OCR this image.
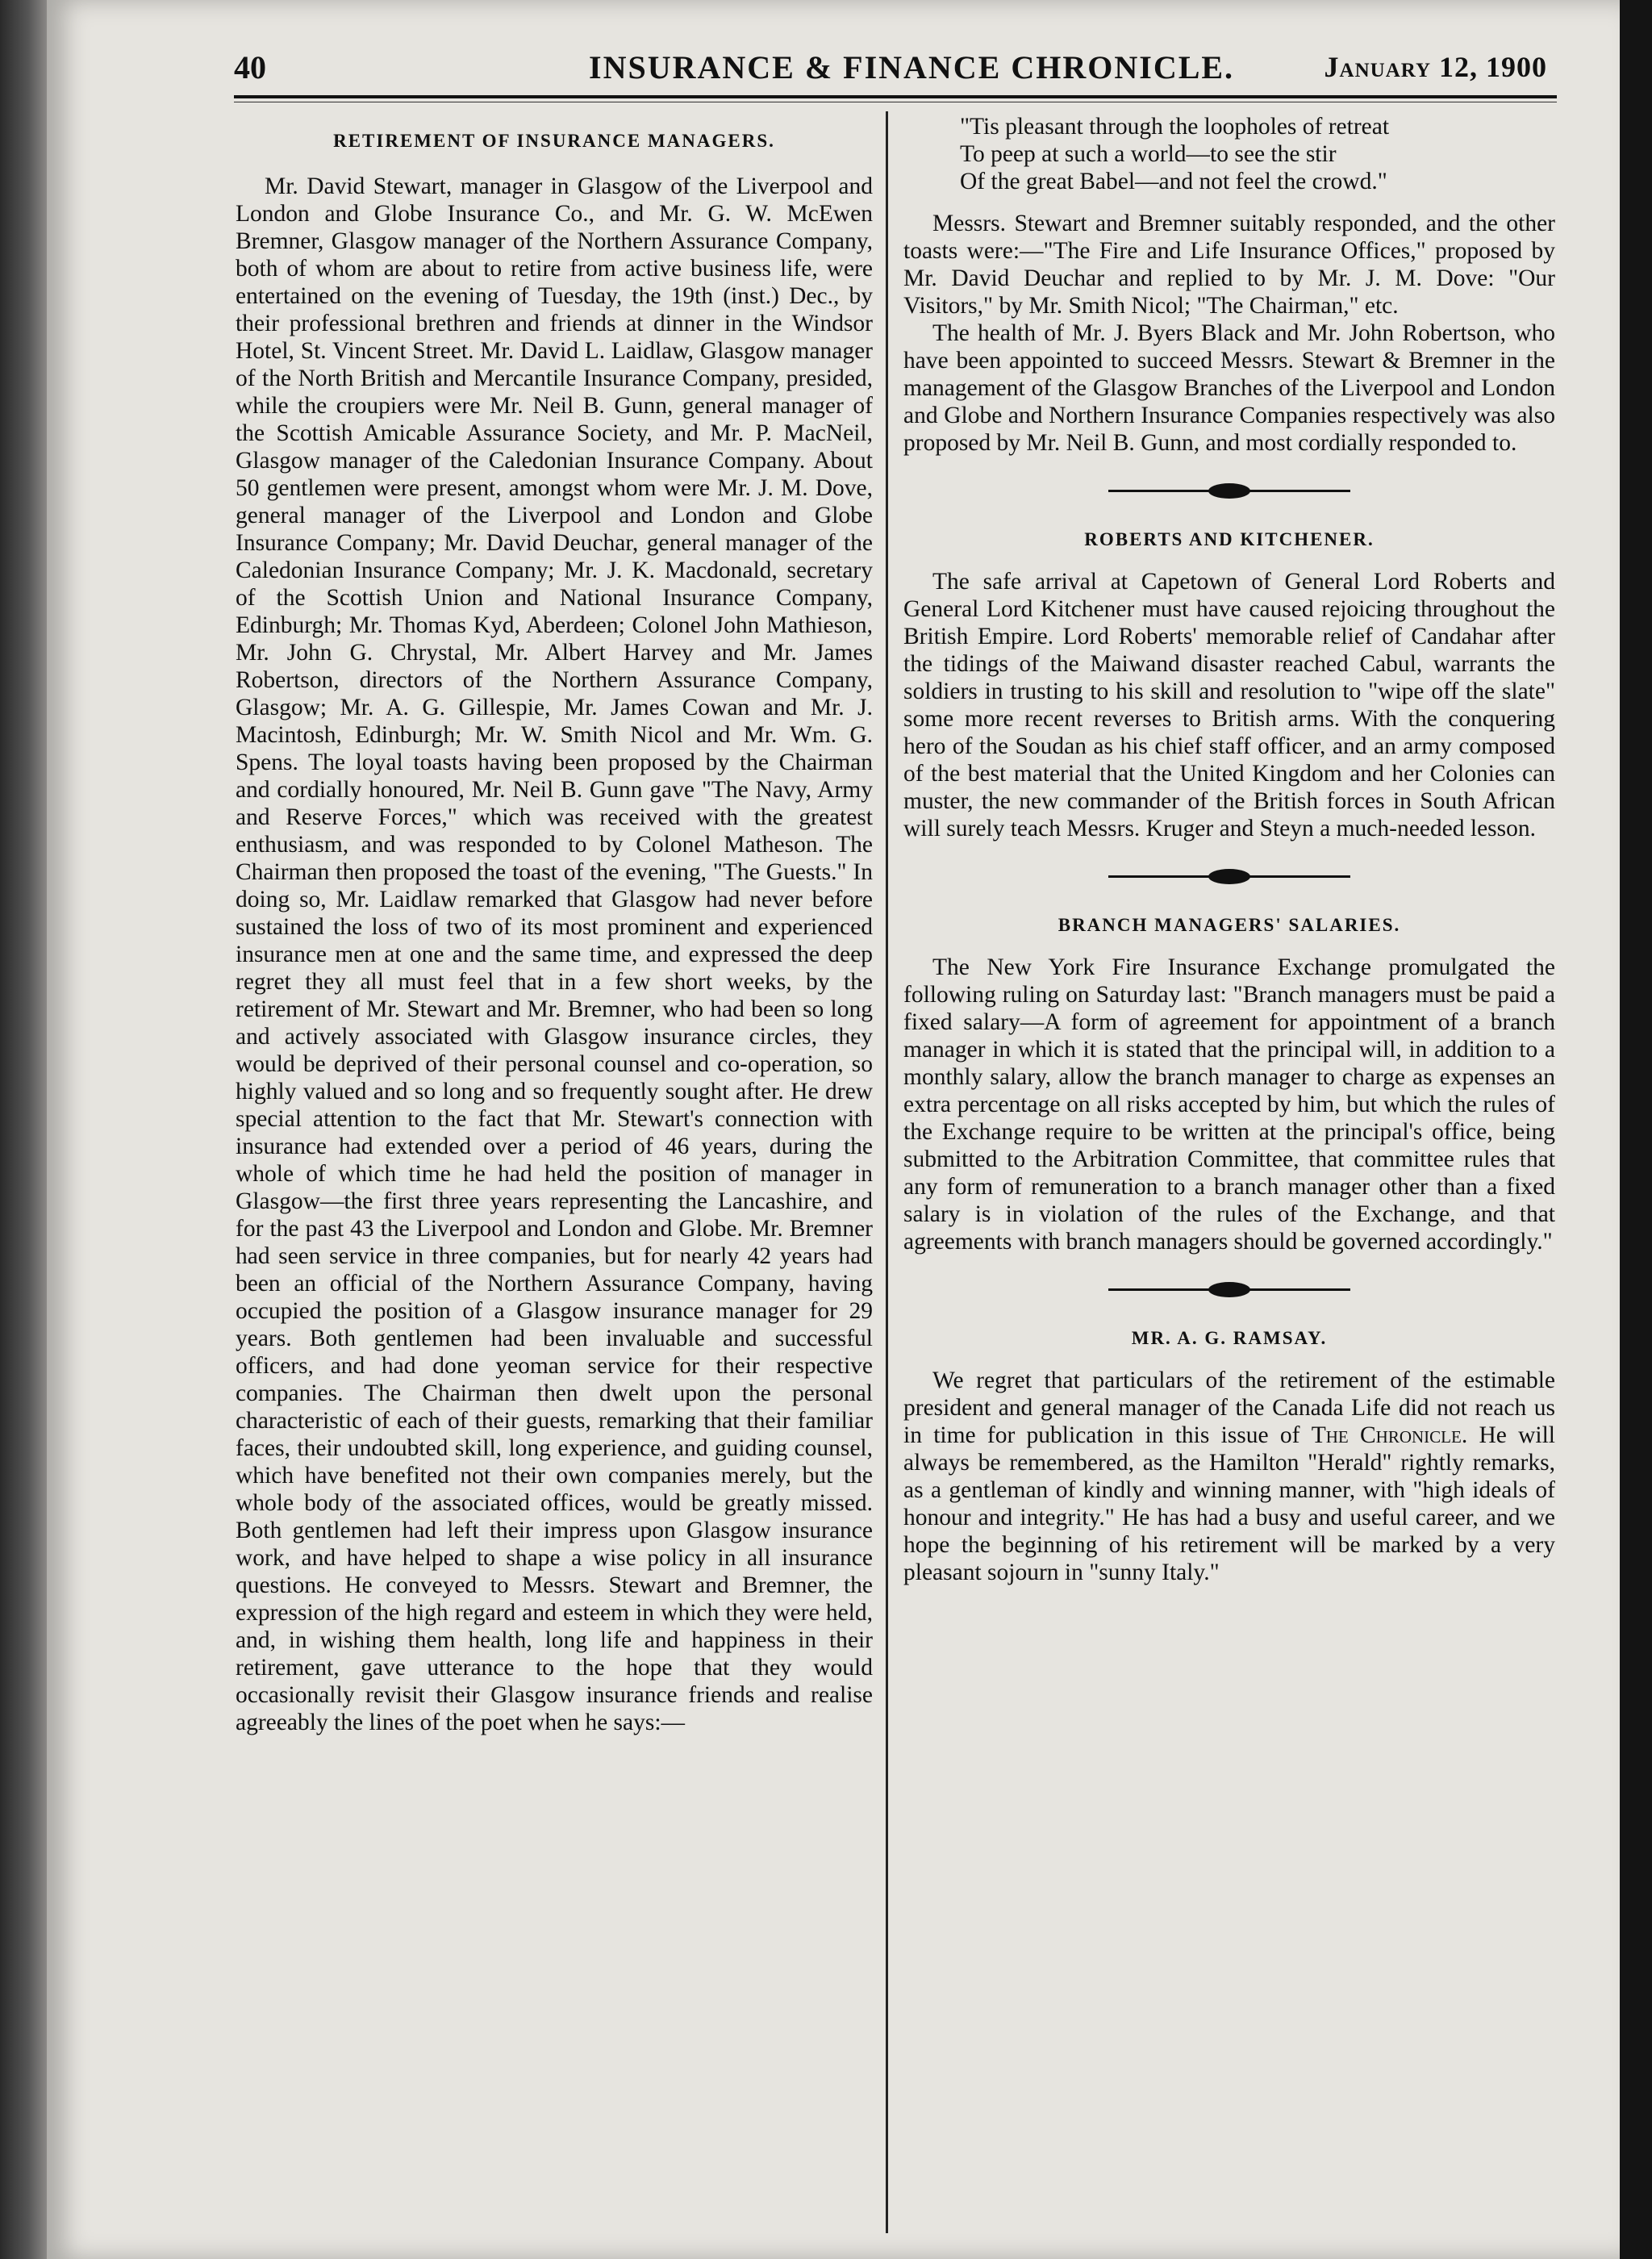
40	INSURANCE & FINANCE CHRONICLE.	January 12, 1900
RETIREMENT OF INSURANCE MANAGERS.

Mr. David Stewart, manager in Glasgow of the Liverpool and London and Globe Insurance Co., and Mr. G. W. McEwen Bremner, Glasgow manager of the Northern Assurance Company, both of whom are about to retire from active business life, were entertained on the evening of Tuesday, the 19th (inst.) Dec., by their professional brethren and friends at dinner in the Windsor Hotel, St. Vincent Street. Mr. David L. Laidlaw, Glasgow manager of the North British and Mercantile Insurance Company, presided, while the croupiers were Mr. Neil B. Gunn, general manager of the Scottish Amicable Assurance Society, and Mr. P. MacNeil, Glasgow manager of the Caledonian Insurance Company. About 50 gentlemen were present, amongst whom were Mr. J. M. Dove, general manager of the Liverpool and London and Globe Insurance Company; Mr. David Deuchar, general manager of the Caledonian Insurance Company; Mr. J. K. Macdonald, secretary of the Scottish Union and National Insurance Company, Edinburgh; Mr. Thomas Kyd, Aberdeen; Colonel John Mathieson, Mr. John G. Chrystal, Mr. Albert Harvey and Mr. James Robertson, directors of the Northern Assurance Company, Glasgow; Mr. A. G. Gillespie, Mr. James Cowan and Mr. J. Macintosh, Edinburgh; Mr. W. Smith Nicol and Mr. Wm. G. Spens. The loyal toasts having been proposed by the Chairman and cordially honoured, Mr. Neil B. Gunn gave "The Navy, Army and Reserve Forces," which was received with the greatest enthusiasm, and was responded to by Colonel Matheson. The Chairman then proposed the toast of the evening, "The Guests." In doing so, Mr. Laidlaw remarked that Glasgow had never before sustained the loss of two of its most prominent and experienced insurance men at one and the same time, and expressed the deep regret they all must feel that in a few short weeks, by the retirement of Mr. Stewart and Mr. Bremner, who had been so long and actively associated with Glasgow insurance circles, they would be deprived of their personal counsel and co-operation, so highly valued and so long and so frequently sought after. He drew special attention to the fact that Mr. Stewart's connection with insurance had extended over a period of 46 years, during the whole of which time he had held the position of manager in Glasgow—the first three years representing the Lancashire, and for the past 43 the Liverpool and London and Globe. Mr. Bremner had seen service in three companies, but for nearly 42 years had been an official of the Northern Assurance Company, having occupied the position of a Glasgow insurance manager for 29 years. Both gentlemen had been invaluable and successful officers, and had done yeoman service for their respective companies. The Chairman then dwelt upon the personal characteristic of each of their guests, remarking that their familiar faces, their undoubted skill, long experience, and guiding counsel, which have benefited not their own companies merely, but the whole body of the associated offices, would be greatly missed. Both gentlemen had left their impress upon Glasgow insurance work, and have helped to shape a wise policy in all insurance questions. He conveyed to Messrs. Stewart and Bremner, the expression of the high regard and esteem in which they were held, and, in wishing them health, long life and happiness in their retirement, gave utterance to the hope that they would occasionally revisit their Glasgow insurance friends and realise agreeably the lines of the poet when he says:—

"Tis pleasant through the loopholes of retreat
To peep at such a world—to see the stir
Of the great Babel—and not feel the crowd."

Messrs. Stewart and Bremner suitably responded, and the other toasts were:—"The Fire and Life Insurance Offices," proposed by Mr. David Deuchar and replied to by Mr. J. M. Dove: "Our Visitors," by Mr. Smith Nicol; "The Chairman," etc.

The health of Mr. J. Byers Black and Mr. John Robertson, who have been appointed to succeed Messrs. Stewart & Bremner in the management of the Glasgow Branches of the Liverpool and London and Globe and Northern Insurance Companies respectively was also proposed by Mr. Neil B. Gunn, and most cordially responded to.

ROBERTS AND KITCHENER.

The safe arrival at Capetown of General Lord Roberts and General Lord Kitchener must have caused rejoicing throughout the British Empire. Lord Roberts' memorable relief of Candahar after the tidings of the Maiwand disaster reached Cabul, warrants the soldiers in trusting to his skill and resolution to "wipe off the slate" some more recent reverses to British arms. With the conquering hero of the Soudan as his chief staff officer, and an army composed of the best material that the United Kingdom and her Colonies can muster, the new commander of the British forces in South African will surely teach Messrs. Kruger and Steyn a much-needed lesson.

BRANCH MANAGERS' SALARIES.

The New York Fire Insurance Exchange promulgated the following ruling on Saturday last: "Branch managers must be paid a fixed salary—A form of agreement for appointment of a branch manager in which it is stated that the principal will, in addition to a monthly salary, allow the branch manager to charge as expenses an extra percentage on all risks accepted by him, but which the rules of the Exchange require to be written at the principal's office, being submitted to the Arbitration Committee, that committee rules that any form of remuneration to a branch manager other than a fixed salary is in violation of the rules of the Exchange, and that agreements with branch managers should be governed accordingly."

MR. A. G. RAMSAY.

We regret that particulars of the retirement of the estimable president and general manager of the Canada Life did not reach us in time for publication in this issue of The Chronicle. He will always be remembered, as the Hamilton "Herald" rightly remarks, as a gentleman of kindly and winning manner, with "high ideals of honour and integrity." He has had a busy and useful career, and we hope the beginning of his retirement will be marked by a very pleasant sojourn in "sunny Italy."
